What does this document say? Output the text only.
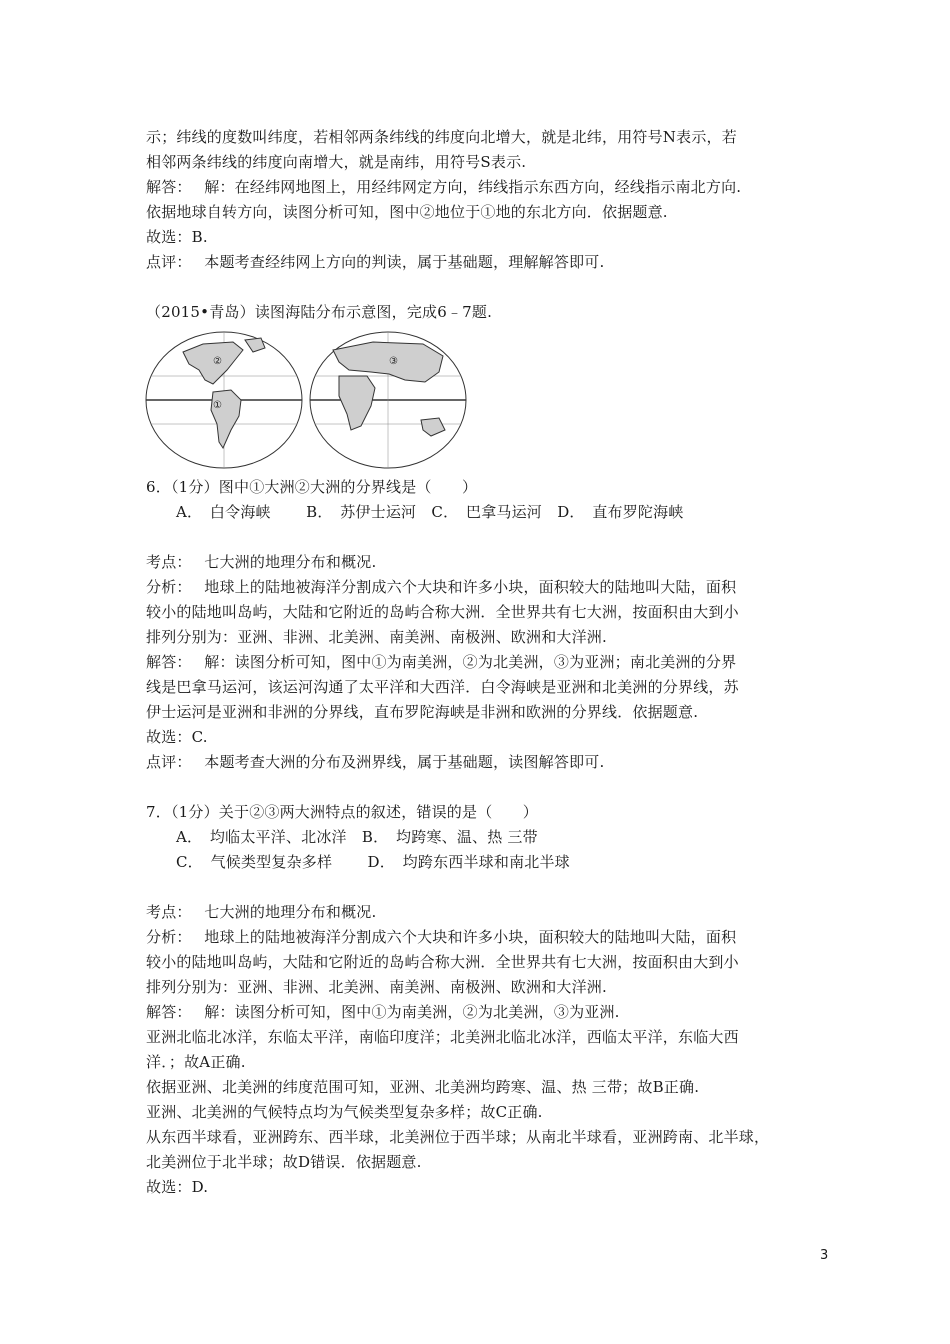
示；纬线的度数叫纬度，若相邻两条纬线的纬度向北增大，就是北纬，用符号N表示，若
相邻两条纬线的纬度向南增大，就是南纬，用符号S表示.
解答：　 解：在经纬网地图上，用经纬网定方向，纬线指示东西方向，经线指示南北方向.
依据地球自转方向，读图分析可知，图中②地位于①地的东北方向．依据题意.
故选：B.
点评：　 本题考查经纬网上方向的判读，属于基础题，理解解答即可.
（2015•青岛）读图海陆分布示意图，完成6﹣7题.
①
②	③
6．（1分）图中①大洲②大洲的分界线是（　　）
A．　白令海峡　　 B．　苏伊士运河　C．　巴拿马运河　D．　直布罗陀海峡
考点：　 七大洲的地理分布和概况.
分析：　 地球上的陆地被海洋分割成六个大块和许多小块，面积较大的陆地叫大陆，面积
较小的陆地叫岛屿，大陆和它附近的岛屿合称大洲．全世界共有七大洲，按面积由大到小
排列分别为：亚洲、非洲、北美洲、南美洲、南极洲、欧洲和大洋洲.
解答：　 解：读图分析可知，图中①为南美洲，②为北美洲，③为亚洲；南北美洲的分界
线是巴拿马运河，该运河沟通了太平洋和大西洋．白令海峡是亚洲和北美洲的分界线，苏
伊士运河是亚洲和非洲的分界线，直布罗陀海峡是非洲和欧洲的分界线．依据题意.
故选：C.
点评：　 本题考查大洲的分布及洲界线，属于基础题，读图解答即可.
7．（1分）关于②③两大洲特点的叙述，错误的是（　　）
A．　均临太平洋、北冰洋　B．　均跨寒、温、热 三带
C．　气候类型复杂多样　　 D．　均跨东西半球和南北半球
考点：　 七大洲的地理分布和概况.
分析：　 地球上的陆地被海洋分割成六个大块和许多小块，面积较大的陆地叫大陆，面积
较小的陆地叫岛屿，大陆和它附近的岛屿合称大洲．全世界共有七大洲，按面积由大到小
排列分别为：亚洲、非洲、北美洲、南美洲、南极洲、欧洲和大洋洲.
解答：　 解：读图分析可知，图中①为南美洲，②为北美洲，③为亚洲.
亚洲北临北冰洋，东临太平洋，南临印度洋；北美洲北临北冰洋，西临太平洋，东临大西
洋．；故A正确.
依据亚洲、北美洲的纬度范围可知，亚洲、北美洲均跨寒、温、热 三带；故B正确.
亚洲、北美洲的气候特点均为气候类型复杂多样；故C正确.
从东西半球看，亚洲跨东、西半球，北美洲位于西半球；从南北半球看，亚洲跨南、北半球，
北美洲位于北半球；故D错误．依据题意.
故选：D.
3
